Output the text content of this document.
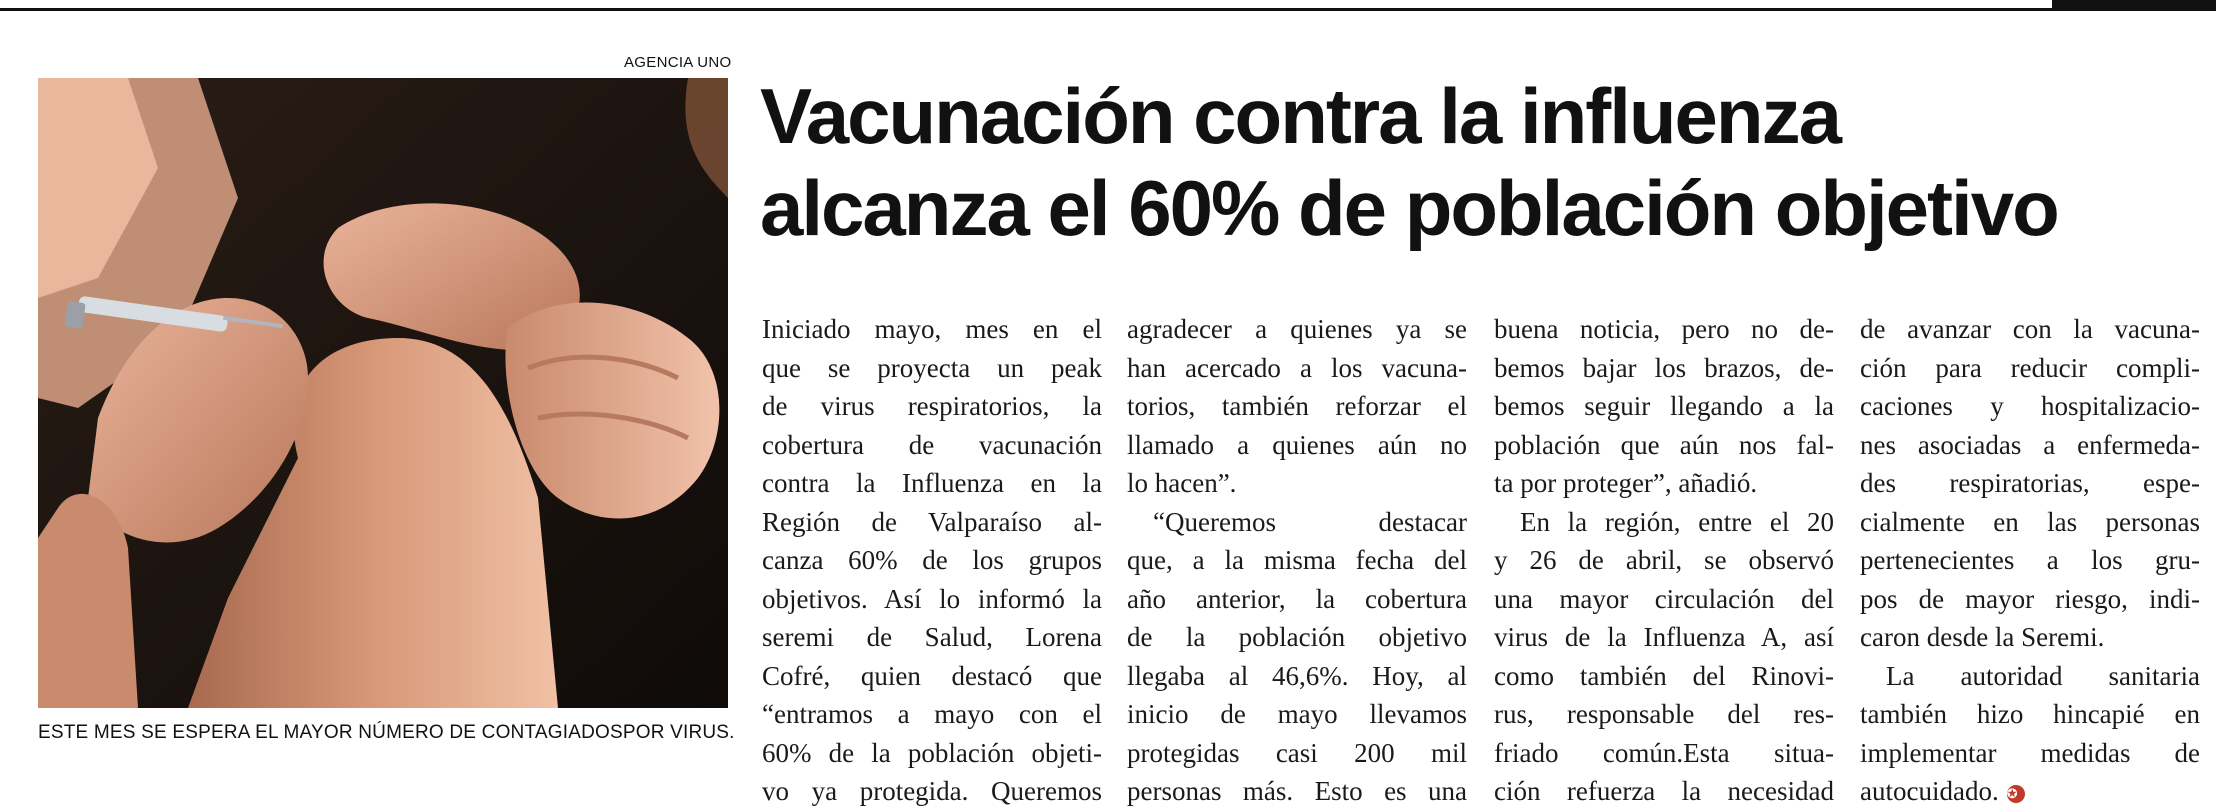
AGENCIA UNO
ESTE MES SE ESPERA EL MAYOR NÚMERO DE CONTAGIADOSPOR VIRUS.
Vacunación contra la influenza
alcanza el 60% de población objetivo
Iniciado mayo, mes en el
que se proyecta un peak
de virus respiratorios, la
cobertura de vacunación
contra la Influenza en la
Región de Valparaíso al-
canza 60% de los grupos
objetivos. Así lo informó la
seremi de Salud, Lorena
Cofré, quien destacó que
“entramos a mayo con el
60% de la población objeti-
vo ya protegida. Queremos
agradecer a quienes ya se
han acercado a los vacuna-
torios, también reforzar el
llamado a quienes aún no
lo hacen”.
“Queremos destacar
que, a la misma fecha del
año anterior, la cobertura
de la población objetivo
llegaba al 46,6%. Hoy, al
inicio de mayo llevamos
protegidas casi 200 mil
personas más. Esto es una
buena noticia, pero no de-
bemos bajar los brazos, de-
bemos seguir llegando a la
población que aún nos fal-
ta por proteger”, añadió.
En la región, entre el 20
y 26 de abril, se observó
una mayor circulación del
virus de la Influenza A, así
como también del Rinovi-
rus, responsable del res-
friado común.Esta situa-
ción refuerza la necesidad
de avanzar con la vacuna-
ción para reducir compli-
caciones y hospitalizacio-
nes asociadas a enfermeda-
des respiratorias, espe-
cialmente en las personas
pertenecientes a los gru-
pos de mayor riesgo, indi-
caron desde la Seremi.
La autoridad sanitaria
también hizo hincapié en
implementar medidas de
autocuidado. ✪
